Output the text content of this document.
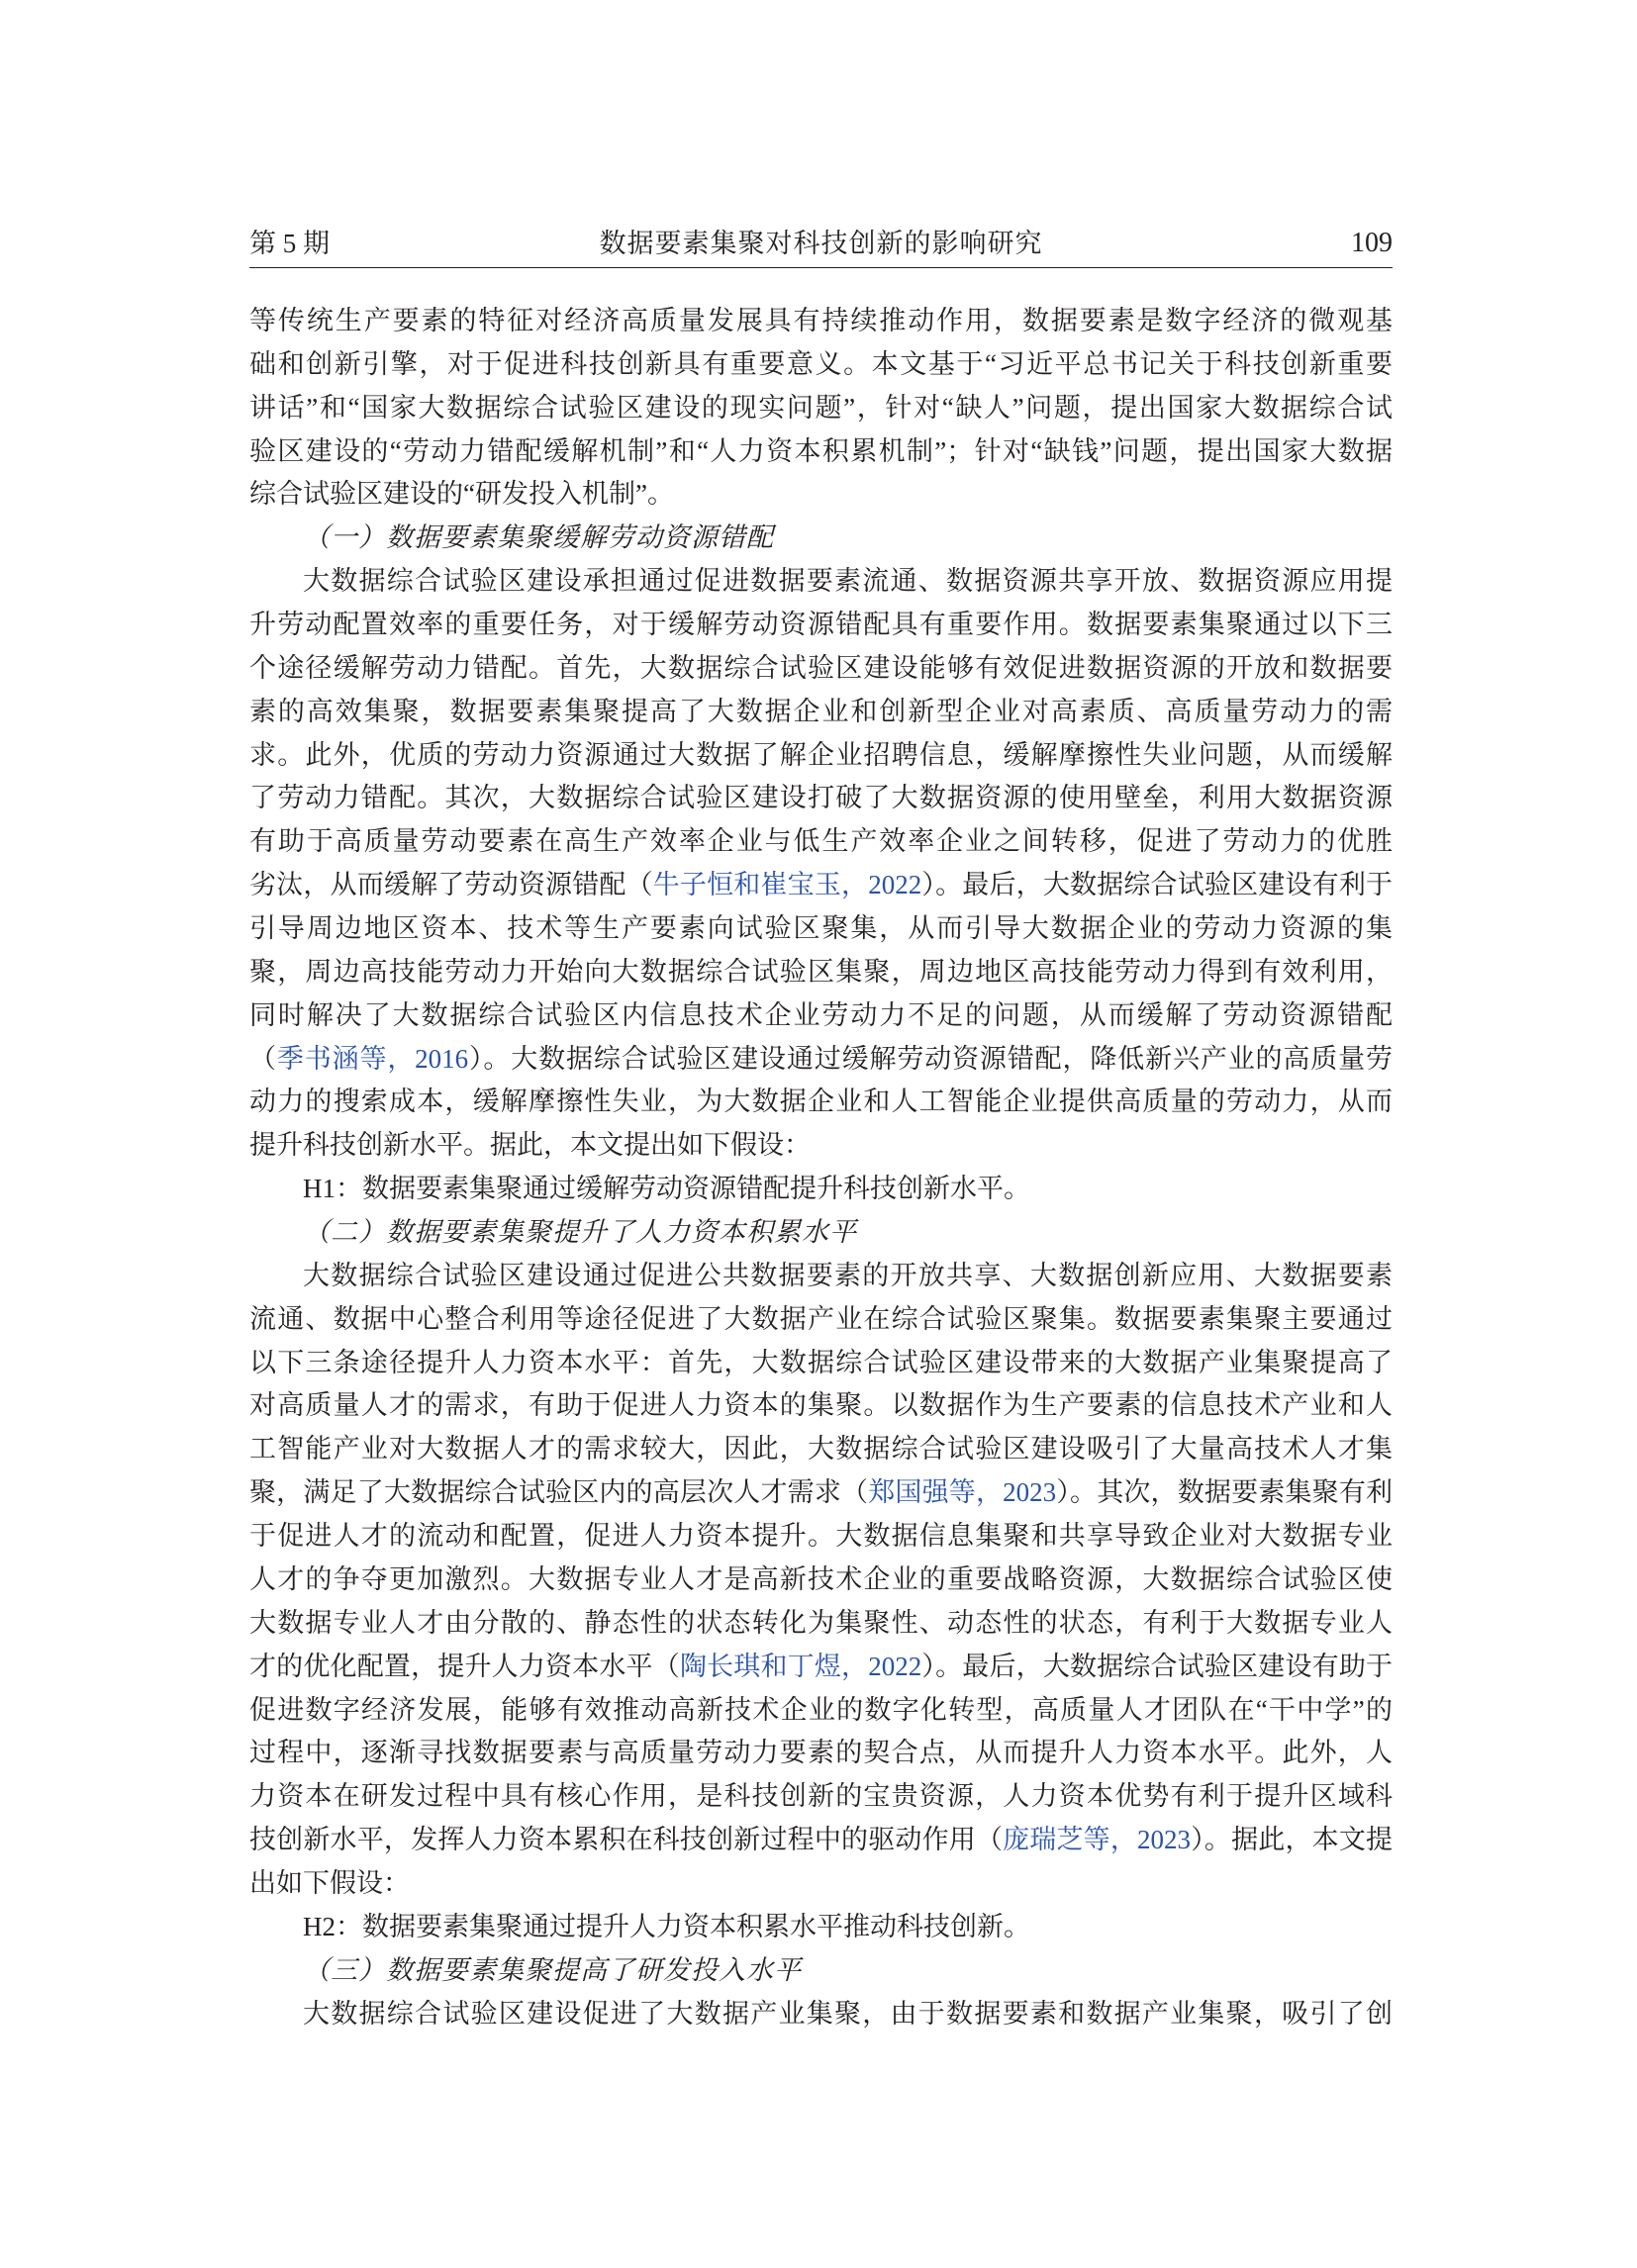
第 5 期	数据要素集聚对科技创新的影响研究	109
等传统生产要素的特征对经济高质量发展具有持续推动作用，数据要素是数字经济的微观基
础和创新引擎，对于促进科技创新具有重要意义。本文基于“习近平总书记关于科技创新重要
讲话”和“国家大数据综合试验区建设的现实问题”，针对“缺人”问题，提出国家大数据综合试
验区建设的“劳动力错配缓解机制”和“人力资本积累机制”；针对“缺钱”问题，提出国家大数据
综合试验区建设的“研发投入机制”。
（一）数据要素集聚缓解劳动资源错配
大数据综合试验区建设承担通过促进数据要素流通、数据资源共享开放、数据资源应用提
升劳动配置效率的重要任务，对于缓解劳动资源错配具有重要作用。数据要素集聚通过以下三
个途径缓解劳动力错配。首先，大数据综合试验区建设能够有效促进数据资源的开放和数据要
素的高效集聚，数据要素集聚提高了大数据企业和创新型企业对高素质、高质量劳动力的需
求。此外，优质的劳动力资源通过大数据了解企业招聘信息，缓解摩擦性失业问题，从而缓解
了劳动力错配。其次，大数据综合试验区建设打破了大数据资源的使用壁垒，利用大数据资源
有助于高质量劳动要素在高生产效率企业与低生产效率企业之间转移，促进了劳动力的优胜
劣汰，从而缓解了劳动资源错配（牛子恒和崔宝玉，2022）。最后，大数据综合试验区建设有利于
引导周边地区资本、技术等生产要素向试验区聚集，从而引导大数据企业的劳动力资源的集
聚，周边高技能劳动力开始向大数据综合试验区集聚，周边地区高技能劳动力得到有效利用，
同时解决了大数据综合试验区内信息技术企业劳动力不足的问题，从而缓解了劳动资源错配
（季书涵等，2016）。大数据综合试验区建设通过缓解劳动资源错配，降低新兴产业的高质量劳
动力的搜索成本，缓解摩擦性失业，为大数据企业和人工智能企业提供高质量的劳动力，从而
提升科技创新水平。据此，本文提出如下假设：
H1：数据要素集聚通过缓解劳动资源错配提升科技创新水平。
（二）数据要素集聚提升了人力资本积累水平
大数据综合试验区建设通过促进公共数据要素的开放共享、大数据创新应用、大数据要素
流通、数据中心整合利用等途径促进了大数据产业在综合试验区聚集。数据要素集聚主要通过
以下三条途径提升人力资本水平：首先，大数据综合试验区建设带来的大数据产业集聚提高了
对高质量人才的需求，有助于促进人力资本的集聚。以数据作为生产要素的信息技术产业和人
工智能产业对大数据人才的需求较大，因此，大数据综合试验区建设吸引了大量高技术人才集
聚，满足了大数据综合试验区内的高层次人才需求（郑国强等，2023）。其次，数据要素集聚有利
于促进人才的流动和配置，促进人力资本提升。大数据信息集聚和共享导致企业对大数据专业
人才的争夺更加激烈。大数据专业人才是高新技术企业的重要战略资源，大数据综合试验区使
大数据专业人才由分散的、静态性的状态转化为集聚性、动态性的状态，有利于大数据专业人
才的优化配置，提升人力资本水平（陶长琪和丁煜，2022）。最后，大数据综合试验区建设有助于
促进数字经济发展，能够有效推动高新技术企业的数字化转型，高质量人才团队在“干中学”的
过程中，逐渐寻找数据要素与高质量劳动力要素的契合点，从而提升人力资本水平。此外，人
力资本在研发过程中具有核心作用，是科技创新的宝贵资源，人力资本优势有利于提升区域科
技创新水平，发挥人力资本累积在科技创新过程中的驱动作用（庞瑞芝等，2023）。据此，本文提
出如下假设：
H2：数据要素集聚通过提升人力资本积累水平推动科技创新。
（三）数据要素集聚提高了研发投入水平
大数据综合试验区建设促进了大数据产业集聚，由于数据要素和数据产业集聚，吸引了创
